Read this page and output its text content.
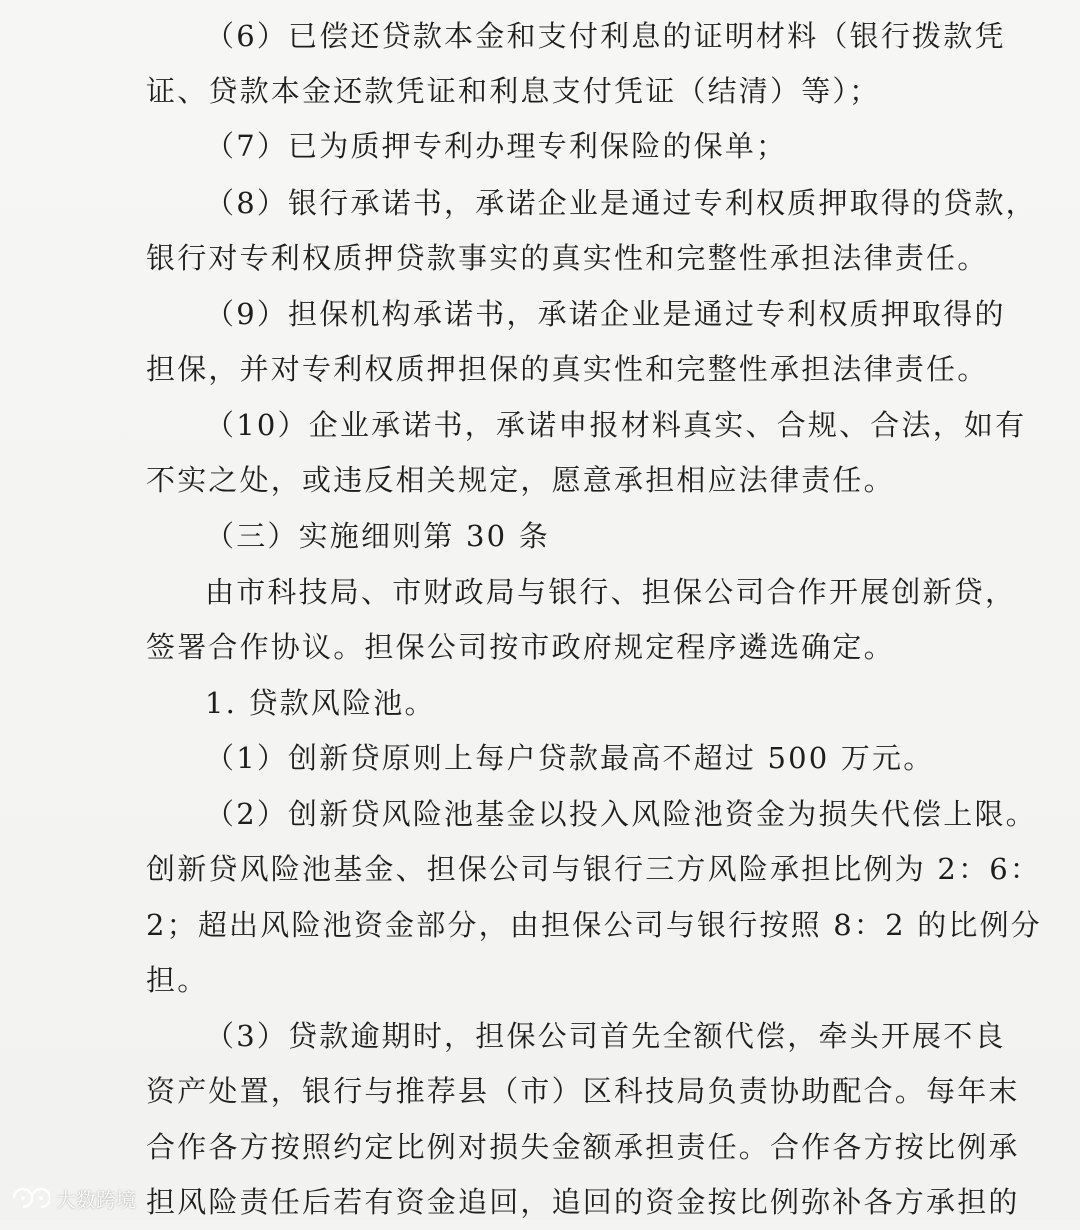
（6）已偿还贷款本金和支付利息的证明材料（银行拨款凭
证、贷款本金还款凭证和利息支付凭证（结清）等）；
（7）已为质押专利办理专利保险的保单；
（8）银行承诺书，承诺企业是通过专利权质押取得的贷款，
银行对专利权质押贷款事实的真实性和完整性承担法律责任。
（9）担保机构承诺书，承诺企业是通过专利权质押取得的
担保，并对专利权质押担保的真实性和完整性承担法律责任。
（10）企业承诺书，承诺申报材料真实、合规、合法，如有
不实之处，或违反相关规定，愿意承担相应法律责任。
（三）实施细则第 30 条
由市科技局、市财政局与银行、担保公司合作开展创新贷，
签署合作协议。担保公司按市政府规定程序遴选确定。
1. 贷款风险池。
（1）创新贷原则上每户贷款最高不超过 500 万元。
（2）创新贷风险池基金以投入风险池资金为损失代偿上限。
创新贷风险池基金、担保公司与银行三方风险承担比例为 2：6：
2；超出风险池资金部分，由担保公司与银行按照 8：2 的比例分
担。
（3）贷款逾期时，担保公司首先全额代偿，牵头开展不良
资产处置，银行与推荐县（市）区科技局负责协助配合。每年末
合作各方按照约定比例对损失金额承担责任。合作各方按比例承
担风险责任后若有资金追回，追回的资金按比例弥补各方承担的
大数跨境
